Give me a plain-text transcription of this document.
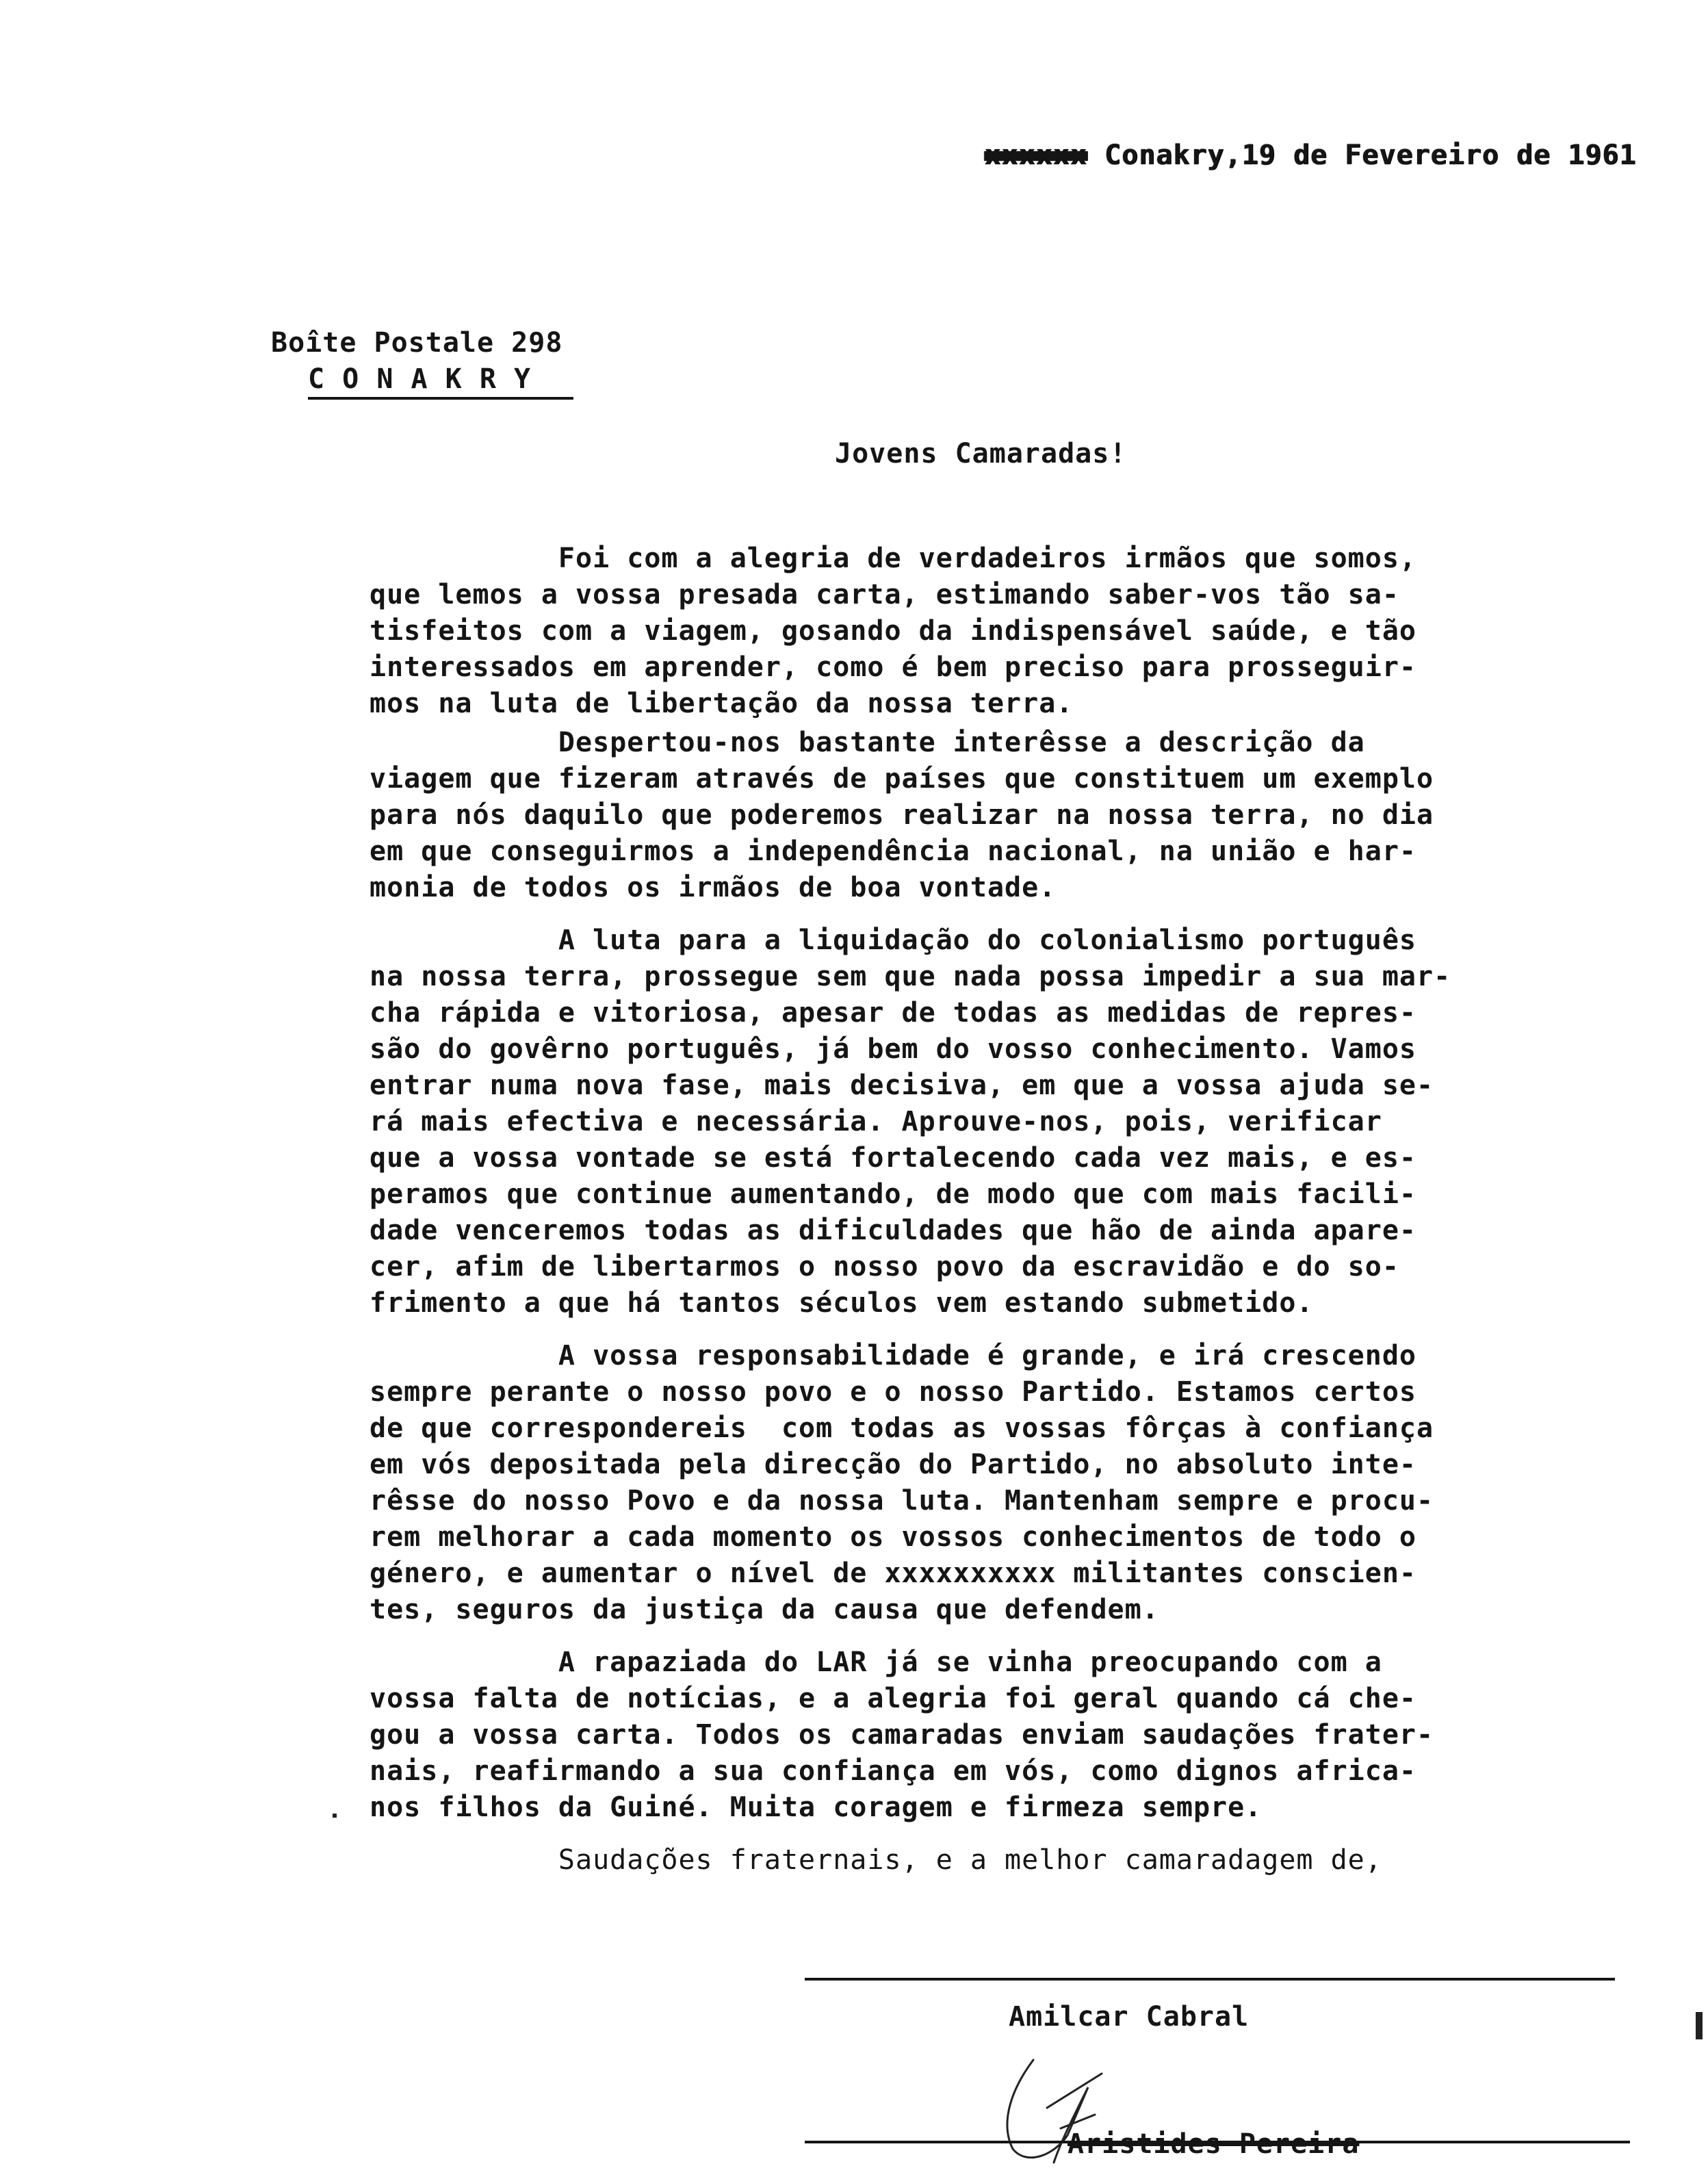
xxxxxx Conakry,19 de Fevereiro de 1961

Boîte Postale 298
C O N A K R Y
Jovens Camaradas!
Foi com a alegria de verdadeiros irmãos que somos,
que lemos a vossa presada carta, estimando saber-vos tão sa-
tisfeitos com a viagem, gosando da indispensável saúde, e tão
interessados em aprender, como é bem preciso para prosseguir-
mos na luta de libertação da nossa terra.
Despertou-nos bastante interêsse a descrição da
viagem que fizeram através de países que constituem um exemplo
para nós daquilo que poderemos realizar na nossa terra, no dia
em que conseguirmos a independência nacional, na união e har-
monia de todos os irmãos de boa vontade.
A luta para a liquidação do colonialismo português
na nossa terra, prossegue sem que nada possa impedir a sua mar-
cha rápida e vitoriosa, apesar de todas as medidas de repres-
são do govêrno português, já bem do vosso conhecimento. Vamos
entrar numa nova fase, mais decisiva, em que a vossa ajuda se-
rá mais efectiva e necessária. Aprouve-nos, pois, verificar
que a vossa vontade se está fortalecendo cada vez mais, e es-
peramos que continue aumentando, de modo que com mais facili-
dade venceremos todas as dificuldades que hão de ainda apare-
cer, afim de libertarmos o nosso povo da escravidão e do so-
frimento a que há tantos séculos vem estando submetido.
A vossa responsabilidade é grande, e irá crescendo
sempre perante o nosso povo e o nosso Partido. Estamos certos
de que correspondereis  com todas as vossas fôrças à confiança
em vós depositada pela direcção do Partido, no absoluto inte-
rêsse do nosso Povo e da nossa luta. Mantenham sempre e procu-
rem melhorar a cada momento os vossos conhecimentos de todo o
género, e aumentar o nível de xxxxxxxxxx militantes conscien-
tes, seguros da justiça da causa que defendem.
A rapaziada do LAR já se vinha preocupando com a
vossa falta de notícias, e a alegria foi geral quando cá che-
gou a vossa carta. Todos os camaradas enviam saudações frater-
nais, reafirmando a sua confiança em vós, como dignos africa-
nos filhos da Guiné. Muita coragem e firmeza sempre.
Saudações fraternais, e a melhor camaradagem de,
Amilcar Cabral
Aristides Pereira
